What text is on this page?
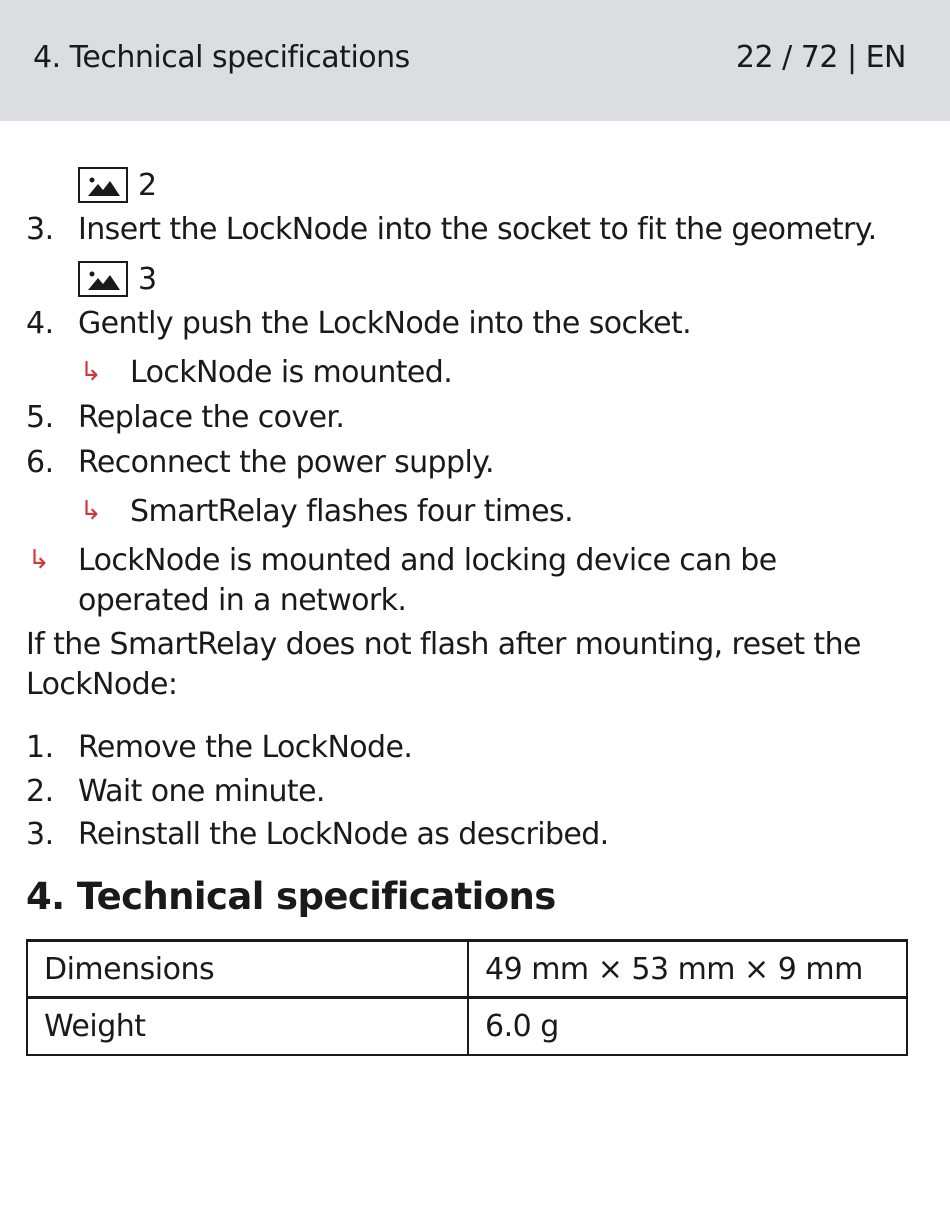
4. Technical specifications	22 / 72 | EN
2
3. Insert the LockNode into the socket to fit the geometry.
3
4. Gently push the LockNode into the socket.
↳ LockNode is mounted.
5. Replace the cover.
6. Reconnect the power supply.
↳ SmartRelay flashes four times.
↳ LockNode is mounted and locking device can be
operated in a network.
If the SmartRelay does not flash after mounting, reset the
LockNode:
1. Remove the LockNode.
2. Wait one minute.
3. Reinstall the LockNode as described.
4. Technical specifications
Dimensions	49 mm × 53 mm × 9 mm
Weight	6.0 g
